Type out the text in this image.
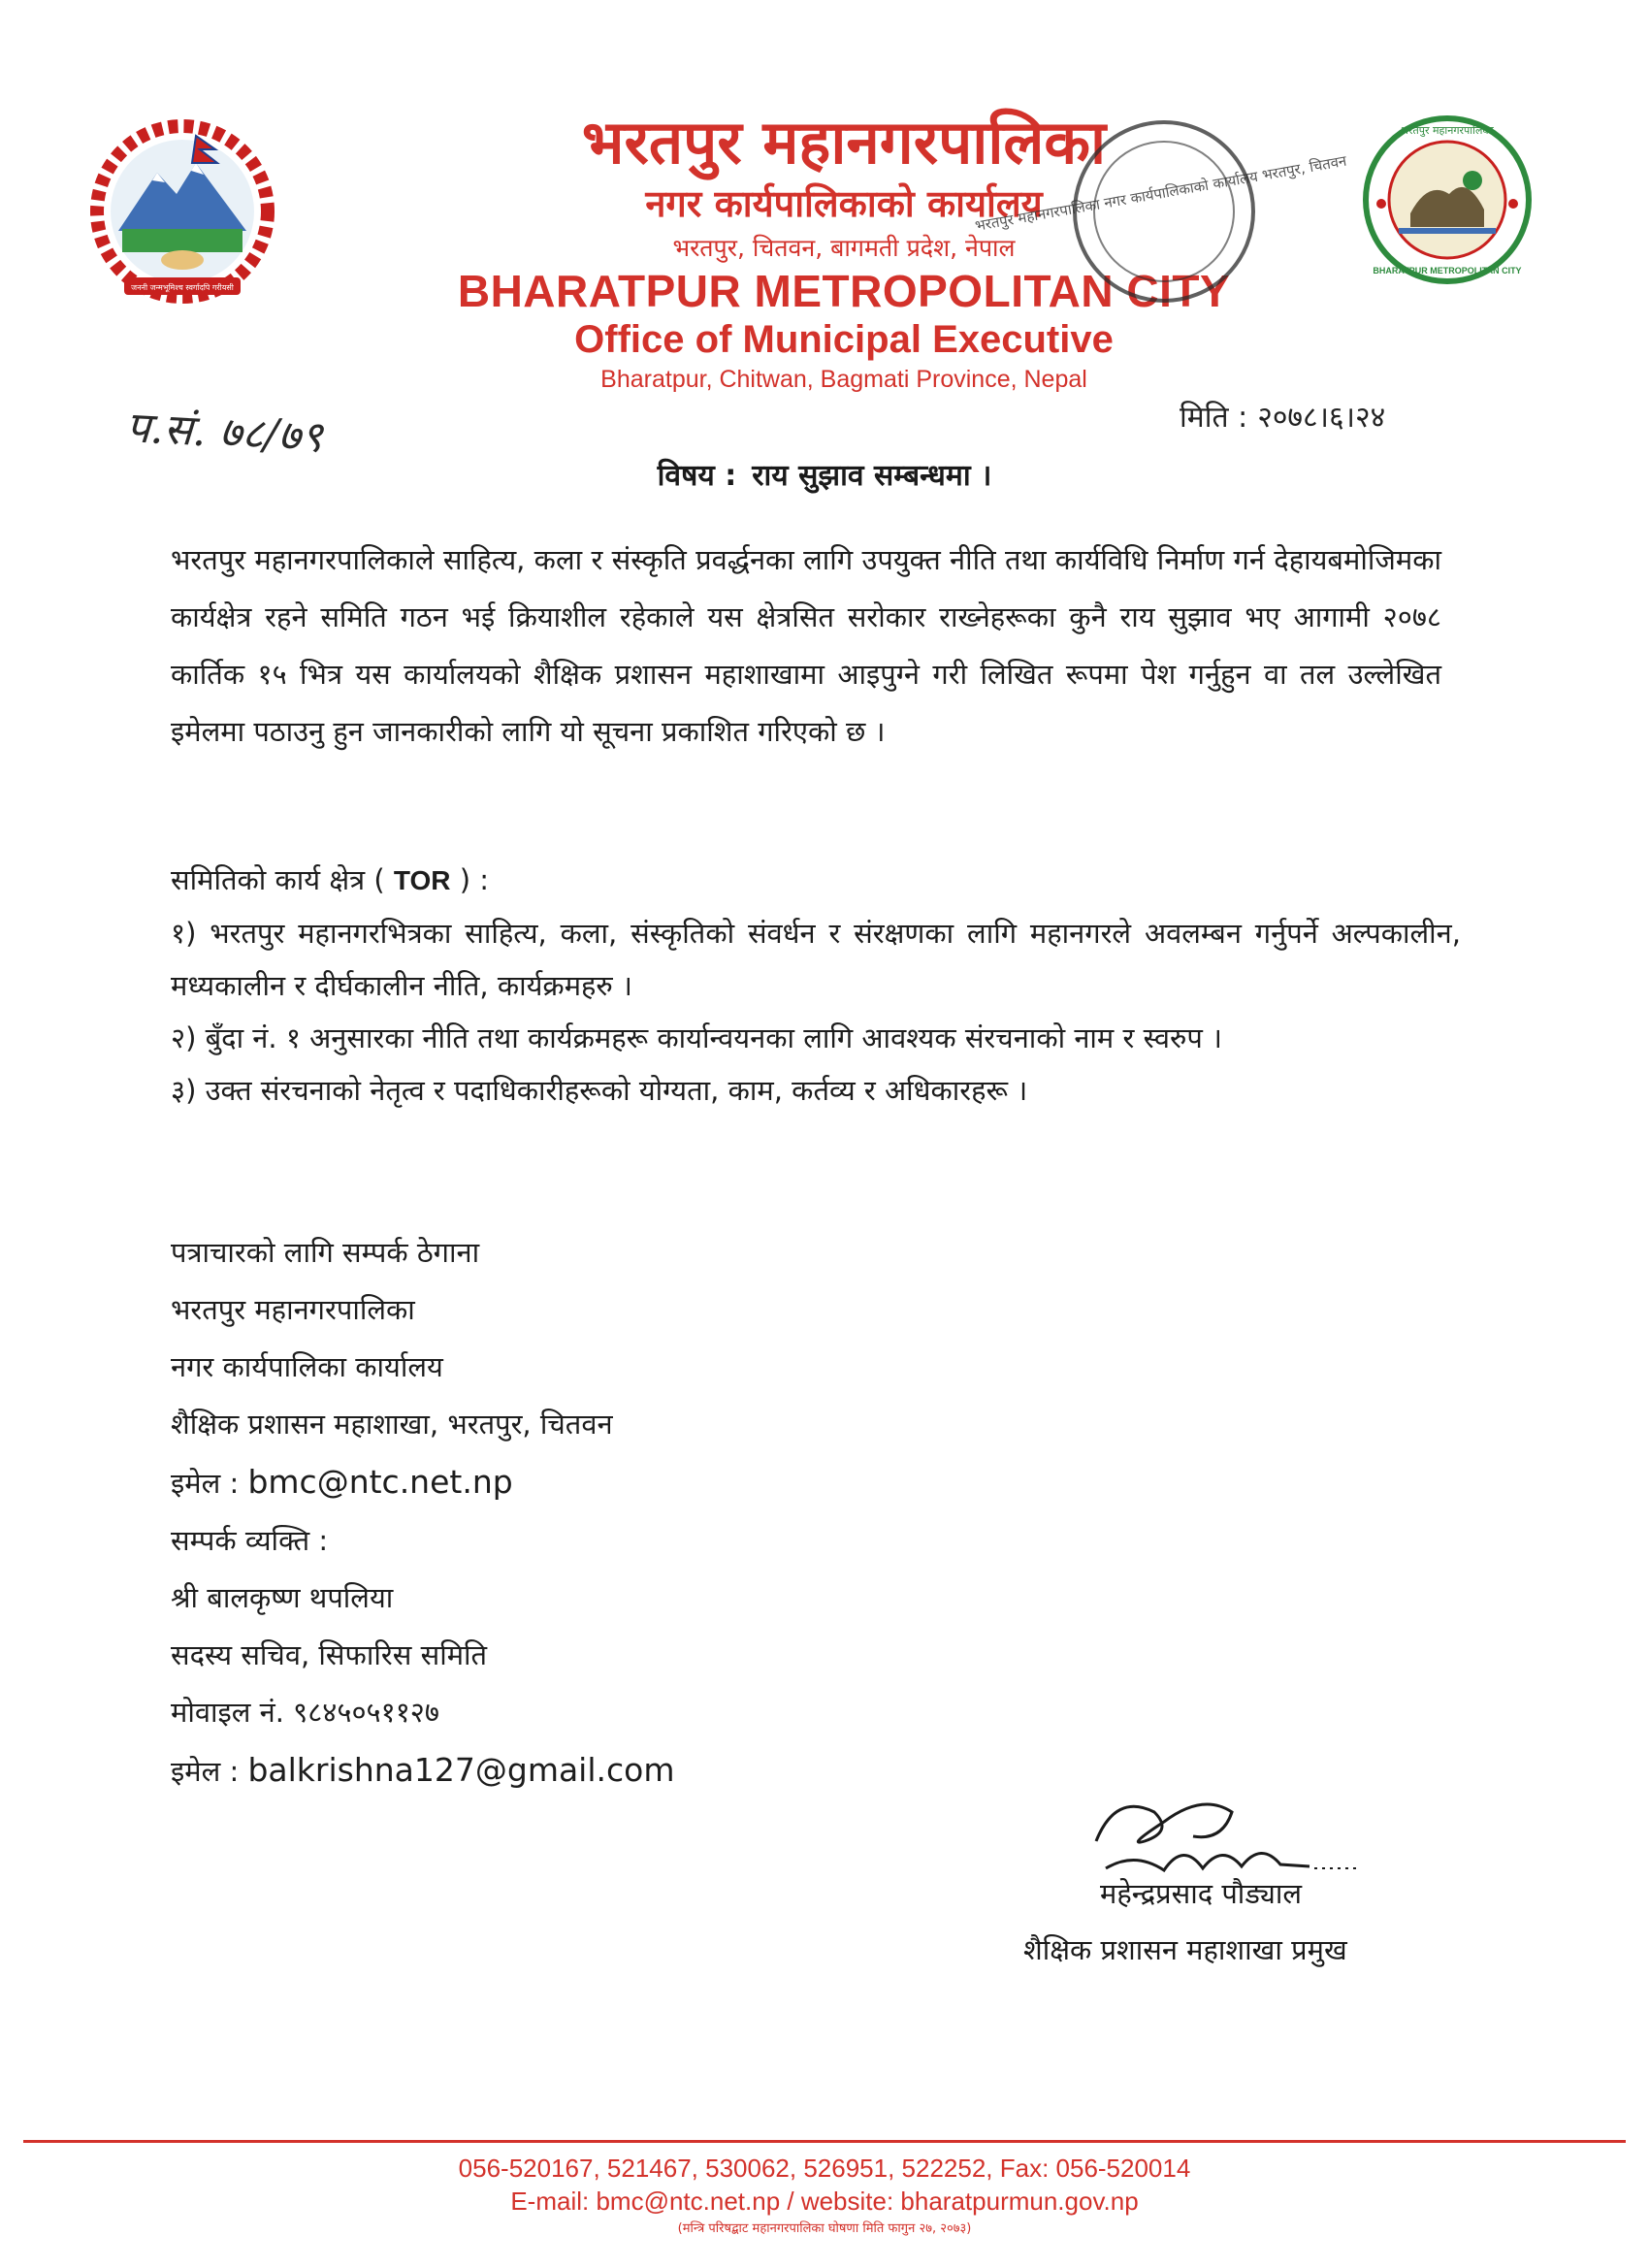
जननी जन्मभूमिश्च स्वर्गादपि गरीयसी
भरतपुर महानगरपालिका
नगर कार्यपालिकाको कार्यालय
भरतपुर, चितवन, बागमती प्रदेश, नेपाल
BHARATPUR METROPOLITAN CITY
Office of Municipal Executive
Bharatpur, Chitwan, Bagmati Province, Nepal
भरतपुर महानगरपालिका नगर कार्यपालिकाको कार्यालय भरतपुर, चितवन
भरतपुर महानगरपालिका
BHARATPUR METROPOLITAN CITY
प.सं. ७८/७९	मिति : २०७८।६।२४
विषय : राय सुझाव सम्बन्धमा ।
भरतपुर महानगरपालिकाले साहित्य, कला र संस्कृति प्रवर्द्धनका लागि उपयुक्त नीति तथा कार्यविधि निर्माण गर्न देहायबमोजिमका कार्यक्षेत्र रहने समिति गठन भई क्रियाशील रहेकाले यस क्षेत्रसित सरोकार राख्नेहरूका कुनै राय सुझाव भए आगामी २०७८ कार्तिक १५ भित्र यस कार्यालयको शैक्षिक प्रशासन महाशाखामा आइपुग्ने गरी लिखित रूपमा पेश गर्नुहुन वा तल उल्लेखित इमेलमा पठाउनु हुन जानकारीको लागि यो सूचना प्रकाशित गरिएको छ ।
समितिको कार्य क्षेत्र ( TOR ) :
१) भरतपुर महानगरभित्रका साहित्य, कला, संस्कृतिको संवर्धन र संरक्षणका लागि महानगरले अवलम्बन गर्नुपर्ने अल्पकालीन, मध्यकालीन र दीर्घकालीन नीति, कार्यक्रमहरु ।
२) बुँदा नं. १ अनुसारका नीति तथा कार्यक्रमहरू कार्यान्वयनका लागि आवश्यक संरचनाको नाम र स्वरुप ।
३) उक्त संरचनाको नेतृत्व र पदाधिकारीहरूको योग्यता, काम, कर्तव्य र अधिकारहरू ।
पत्राचारको लागि सम्पर्क ठेगाना
भरतपुर महानगरपालिका
नगर कार्यपालिका कार्यालय
शैक्षिक प्रशासन महाशाखा, भरतपुर, चितवन
इमेल : bmc@ntc.net.np
सम्पर्क व्यक्ति :
श्री बालकृष्ण थपलिया
सदस्य सचिव, सिफारिस समिति
मोवाइल नं. ९८४५०५११२७
इमेल : balkrishna127@gmail.com
महेन्द्रप्रसाद पौड्याल
शैक्षिक प्रशासन महाशाखा प्रमुख
056-520167, 521467, 530062, 526951, 522252, Fax: 056-520014
E-mail: bmc@ntc.net.np / website: bharatpurmun.gov.np
(मन्त्रि परिषद्बाट महानगरपालिका घोषणा मिति फागुन २७, २०७३)
